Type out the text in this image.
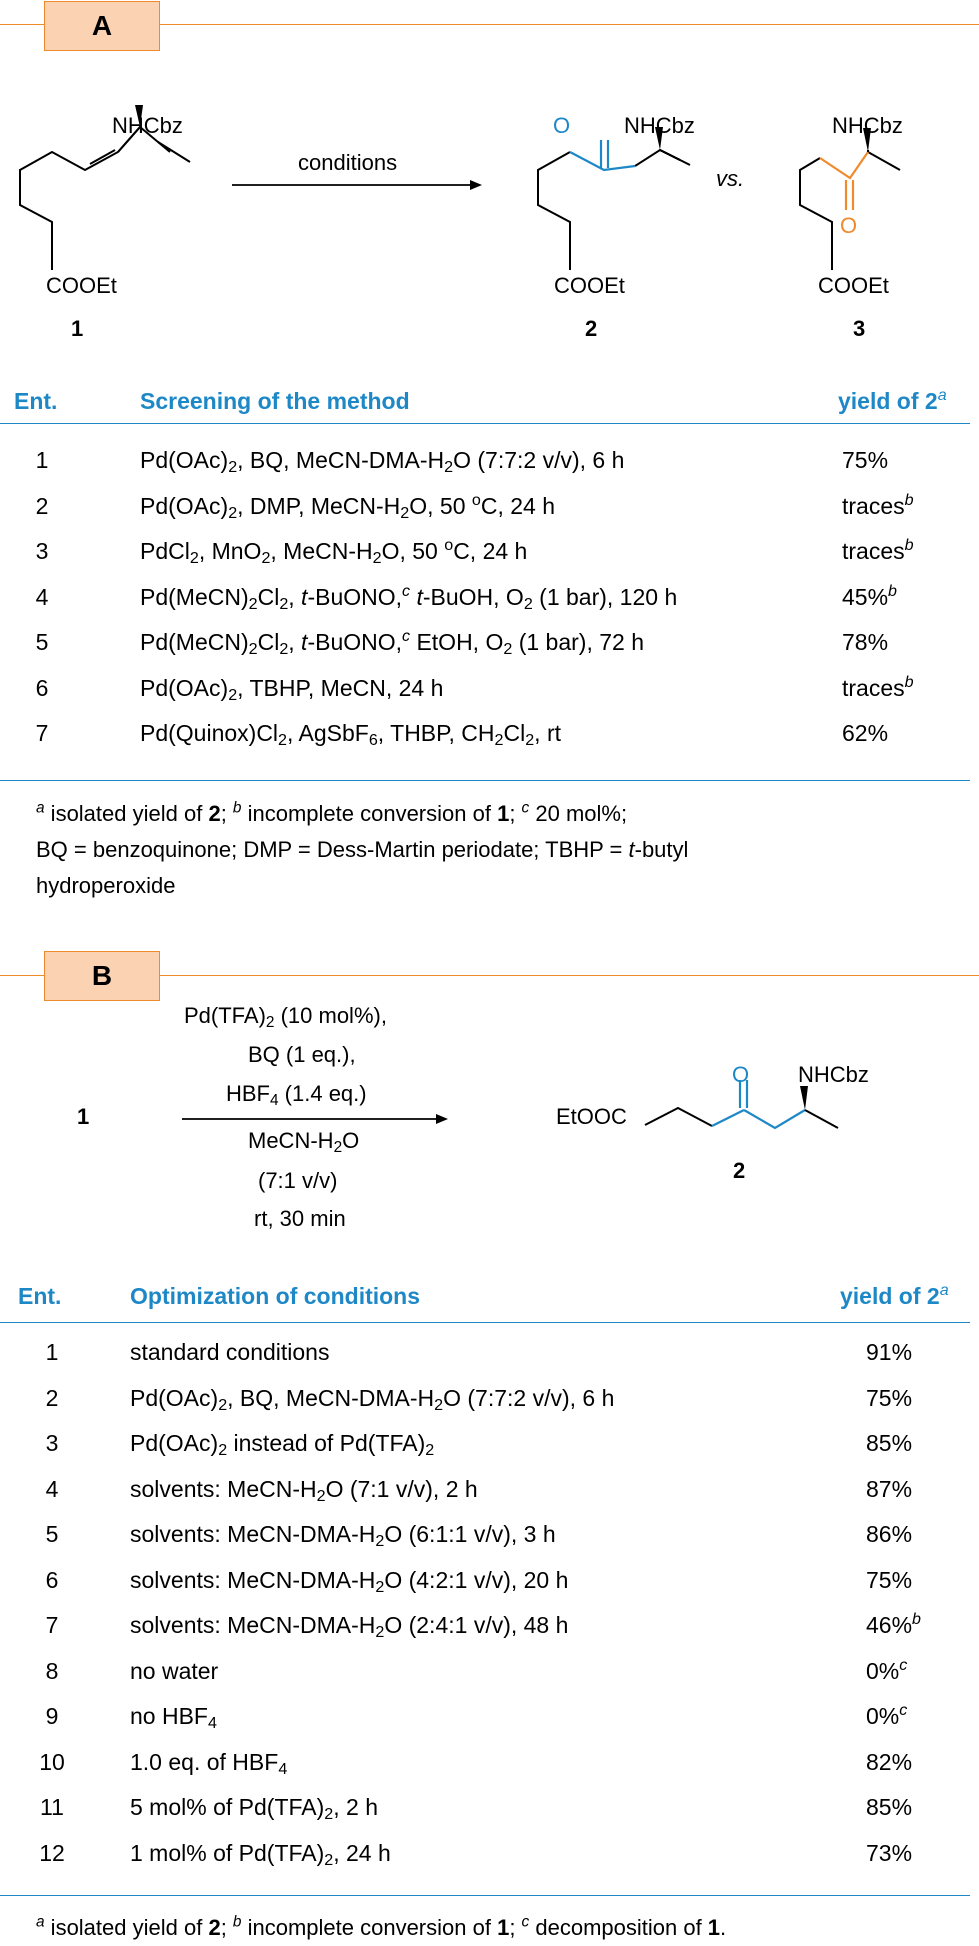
A
NHCbz
COOEt
1
conditions
O NHCbz
COOEt
2
vs.
NHCbz
O
COOEt
3
Ent.	Screening of the method	yield of 2$^a$
1	$Pd(OAc)_2$, BQ, MeCN-$DMA-H_2O$ (7:7:2 v/v), 6 h	75%
2	$Pd(OAc)_2$, DMP, MeCN-$H_2O$, 50 $^o$C, 24 h	traces$^b$
3	PdCl$_2$, MnO$_2$, MeCN-$H_2O$, 50 $^o$C, 24 h	traces$^b$
4	$Pd(MeCN)_2Cl_2$, t-BuONO,$^c$ t-BuOH, $O_2$ (1 bar), 120 h	45%$^b$
5	$Pd(MeCN)_2Cl_2$, t-BuONO,$^c$ EtOH, $O_2$ (1 bar), 72 h	78%
6	$Pd(OAc)_2$, TBHP, MeCN, 24 h	traces$^b$
7	$Pd(Quinox)Cl_2$, AgSbF$_6$, THBP, $CH_2Cl_2$, rt	62%
$^a$ isolated yield of 2; $^b$ incomplete conversion of 1; $^c$ 20 mol%;
BQ = benzoquinone; DMP = Dess-Martin periodate; TBHP = t-butyl
hydroperoxide
B
1
$Pd(TFA)_2$ (10 mol%),
BQ (1 eq.),
$HBF_4$ (1.4 eq.)
MeCN-$H_2O$
(7:1 v/v)
rt, 30 min
EtOOC
O NHCbz
2
Ent.	Optimization of conditions	yield of 2$^a$
1	standard conditions	91%
2	$Pd(OAc)_2$, BQ, MeCN-$DMA-H_2O$ (7:7:2 v/v), 6 h	75%
3	$Pd(OAc)_2$ instead of $Pd(TFA)_2$	85%
4	solvents: MeCN-$H_2O$ (7:1 v/v), 2 h	87%
5	solvents: MeCN-$DMA-H_2O$ (6:1:1 v/v), 3 h	86%
6	solvents: MeCN-$DMA-H_2O$ (4:2:1 v/v), 20 h	75%
7	solvents: MeCN-$DMA-H_2O$ (2:4:1 v/v), 48 h	46%$^b$
8	no water	0%$^c$
9	no $HBF_4$	0%$^c$
10	1.0 eq. of $HBF_4$	82%
11	5 mol% of $Pd(TFA)_2$, 2 h	85%
12	1 mol% of $Pd(TFA)_2$, 24 h	73%
$^a$ isolated yield of 2; $^b$ incomplete conversion of 1; $^c$ decomposition of 1.
